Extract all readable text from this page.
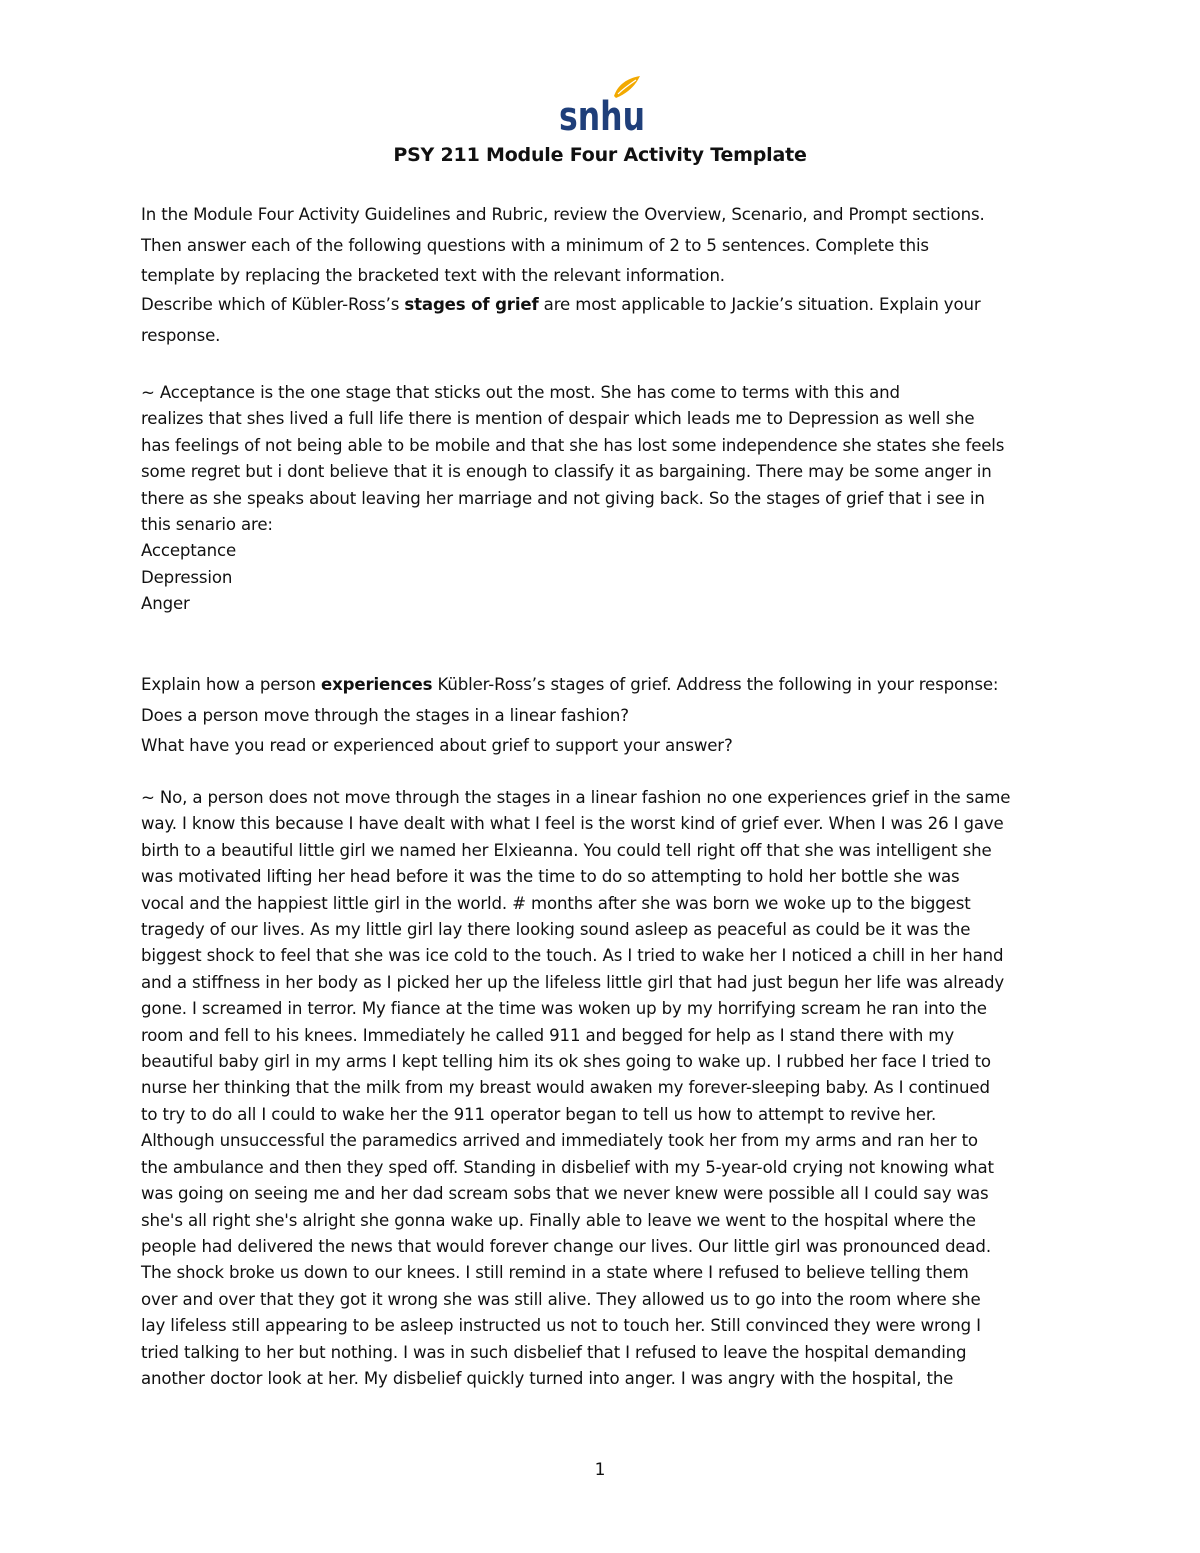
snhu
PSY 211 Module Four Activity Template
In the Module Four Activity Guidelines and Rubric, review the Overview, Scenario, and Prompt sections.
Then answer each of the following questions with a minimum of 2 to 5 sentences. Complete this
template by replacing the bracketed text with the relevant information.
Describe which of Kübler-Ross’s stages of grief are most applicable to Jackie’s situation. Explain your
response.
~ Acceptance is the one stage that sticks out the most. She has come to terms with this and
realizes that shes lived a full life there is mention of despair which leads me to Depression as well she
has feelings of not being able to be mobile and that she has lost some independence she states she feels
some regret but i dont believe that it is enough to classify it as bargaining. There may be some anger in
there as she speaks about leaving her marriage and not giving back. So the stages of grief that i see in
this senario are:
Acceptance
Depression
Anger
Explain how a person experiences Kübler-Ross’s stages of grief. Address the following in your response:
Does a person move through the stages in a linear fashion?
What have you read or experienced about grief to support your answer?
~ No, a person does not move through the stages in a linear fashion no one experiences grief in the same
way. I know this because I have dealt with what I feel is the worst kind of grief ever. When I was 26 I gave
birth to a beautiful little girl we named her Elxieanna. You could tell right off that she was intelligent she
was motivated lifting her head before it was the time to do so attempting to hold her bottle she was
vocal and the happiest little girl in the world. # months after she was born we woke up to the biggest
tragedy of our lives. As my little girl lay there looking sound asleep as peaceful as could be it was the
biggest shock to feel that she was ice cold to the touch. As I tried to wake her I noticed a chill in her hand
and a stiffness in her body as I picked her up the lifeless little girl that had just begun her life was already
gone. I screamed in terror. My fiance at the time was woken up by my horrifying scream he ran into the
room and fell to his knees. Immediately he called 911 and begged for help as I stand there with my
beautiful baby girl in my arms I kept telling him its ok shes going to wake up. I rubbed her face I tried to
nurse her thinking that the milk from my breast would awaken my forever-sleeping baby. As I continued
to try to do all I could to wake her the 911 operator began to tell us how to attempt to revive her.
Although unsuccessful the paramedics arrived and immediately took her from my arms and ran her to
the ambulance and then they sped off. Standing in disbelief with my 5-year-old crying not knowing what
was going on seeing me and her dad scream sobs that we never knew were possible all I could say was
she's all right she's alright she gonna wake up. Finally able to leave we went to the hospital where the
people had delivered the news that would forever change our lives. Our little girl was pronounced dead.
The shock broke us down to our knees. I still remind in a state where I refused to believe telling them
over and over that they got it wrong she was still alive. They allowed us to go into the room where she
lay lifeless still appearing to be asleep instructed us not to touch her. Still convinced they were wrong I
tried talking to her but nothing. I was in such disbelief that I refused to leave the hospital demanding
another doctor look at her. My disbelief quickly turned into anger. I was angry with the hospital, the
1
